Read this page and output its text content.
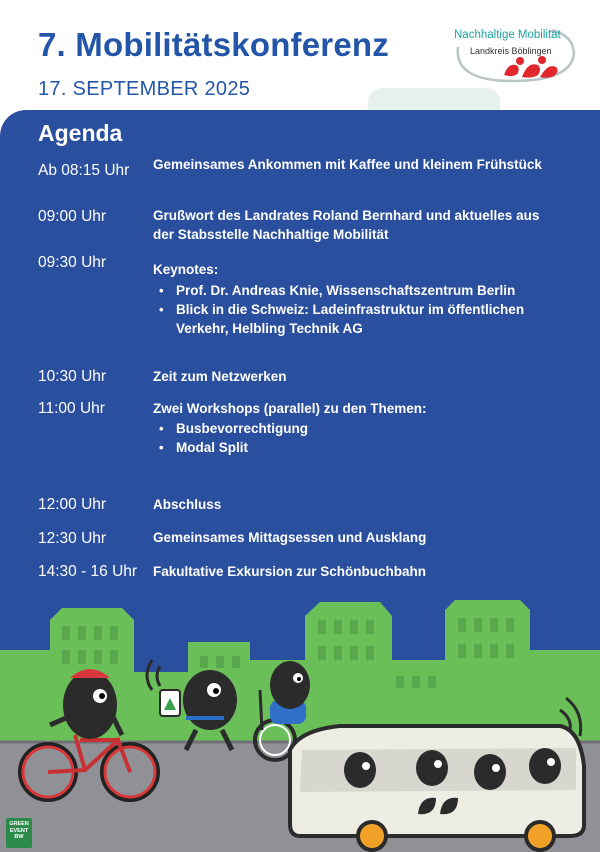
7. Mobilitätskonferenz
17. SEPTEMBER 2025
Nachhaltige Mobilität
Landkreis Böblingen
Agenda
Ab 08:15 Uhr Gemeinsames Ankommen mit Kaffee und kleinem Frühstück
09:00 Uhr	Grußwort des Landrates Roland Bernhard und aktuelles aus der Stabsstelle Nachhaltige Mobilität
09:30 Uhr	Keynotes:
• Prof. Dr. Andreas Knie, Wissenschaftszentrum Berlin
• Blick in die Schweiz: Ladeinfrastruktur im öffentlichen Verkehr, Helbling Technik AG
10:30 Uhr	Zeit zum Netzwerken
11:00 Uhr	Zwei Workshops (parallel) zu den Themen:
• Busbevorrechtigung
• Modal Split
12:00 Uhr	Abschluss
12:30 Uhr	Gemeinsames Mittagsessen und Ausklang
14:30 - 16 Uhr Fakultative Exkursion zur Schönbuchbahn
GREEN
EVENT
BW
